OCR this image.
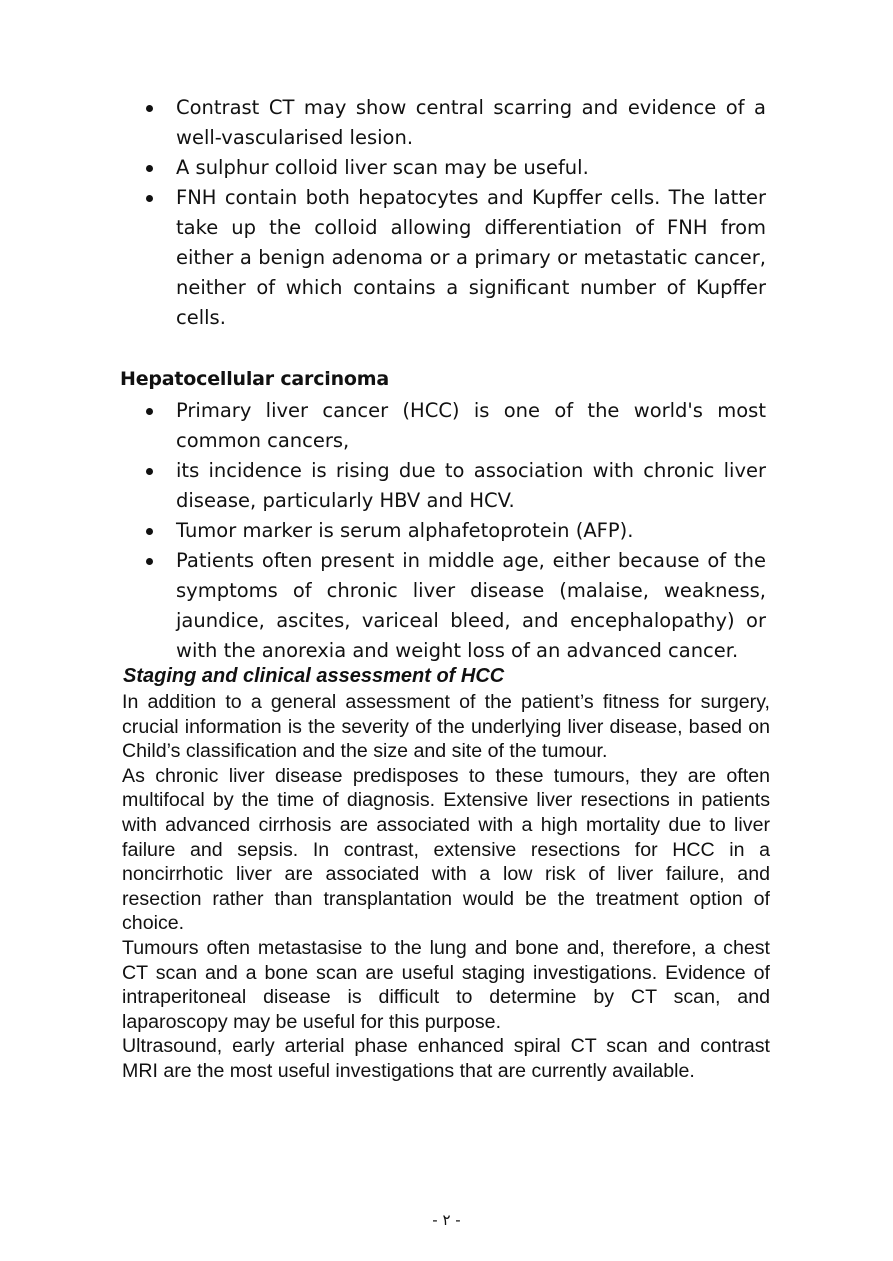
Contrast CT may show central scarring and evidence of a well-vascularised lesion.
A sulphur colloid liver scan may be useful.
FNH contain both hepatocytes and Kupffer cells. The latter take up the colloid allowing differentiation of FNH from either a benign adenoma or a primary or metastatic cancer, neither of which contains a significant number of Kupffer cells.
Hepatocellular carcinoma
Primary liver cancer (HCC) is one of the world's most common cancers,
its incidence is rising due to association with chronic liver disease, particularly HBV and HCV.
Tumor marker is serum alphafetoprotein (AFP).
Patients often present in middle age, either because of the symptoms of chronic liver disease (malaise, weakness, jaundice, ascites, variceal bleed, and encephalopathy) or with the anorexia and weight loss of an advanced cancer.
Staging and clinical assessment of HCC

In addition to a general assessment of the patient’s fitness for surgery, crucial information is the severity of the underlying liver disease, based on Child’s classification and the size and site of the tumour.

As chronic liver disease predisposes to these tumours, they are often multifocal by the time of diagnosis. Extensive liver resections in patients with advanced cirrhosis are associated with a high mortality due to liver failure and sepsis. In contrast, extensive resections for HCC in a noncirrhotic liver are associated with a low risk of liver failure, and resection rather than transplantation would be the treatment option of choice.

Tumours often metastasise to the lung and bone and, therefore, a chest CT scan and a bone scan are useful staging investigations. Evidence of intraperitoneal disease is difficult to determine by CT scan, and laparoscopy may be useful for this purpose.

Ultrasound, early arterial phase enhanced spiral CT scan and contrast MRI are the most useful investigations that are currently available.

- ٢ -
